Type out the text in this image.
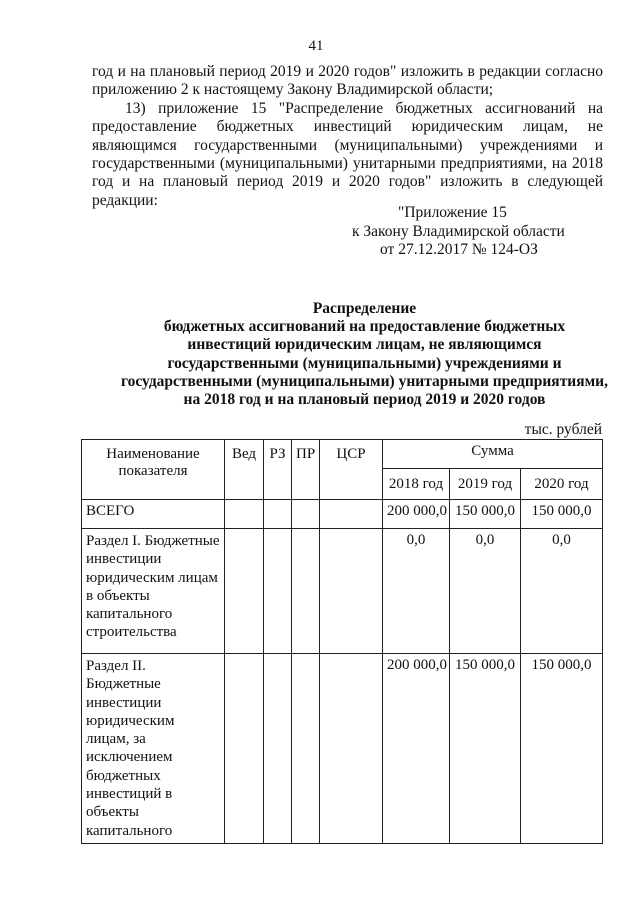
41

год и на плановый период 2019 и 2020 годов" изложить в редакции согласно приложению 2 к настоящему Закону Владимирской области;

13) приложение 15 "Распределение бюджетных ассигнований на предоставление бюджетных инвестиций юридическим лицам, не являющимся государственными (муниципальными) учреждениями и государственными (муниципальными) унитарными предприятиями, на 2018 год и на плановый период 2019 и 2020 годов" изложить в следующей редакции:

"Приложение 15
к Закону Владимирской области
от 27.12.2017 № 124-ОЗ
Распределение
бюджетных ассигнований на предоставление бюджетных
инвестиций юридическим лицам, не являющимся
государственными (муниципальными) учреждениями и
государственными (муниципальными) унитарными предприятиями,
на 2018 год и на плановый период 2019 и 2020 годов
тыс. рублей
Наименование показателя	Вед	РЗ	ПР	ЦСР	Сумма		
					2018 год	2019 год	2020 год
ВСЕГО					200 000,0	150 000,0	150 000,0
Раздел I. Бюджетные инвестиции юридическим лицам в объекты капитального строительства					0,0	0,0	0,0
Раздел II. Бюджетные инвестиции юридическим лицам, за исключением бюджетных инвестиций в объекты капитального					200 000,0	150 000,0	150 000,0
